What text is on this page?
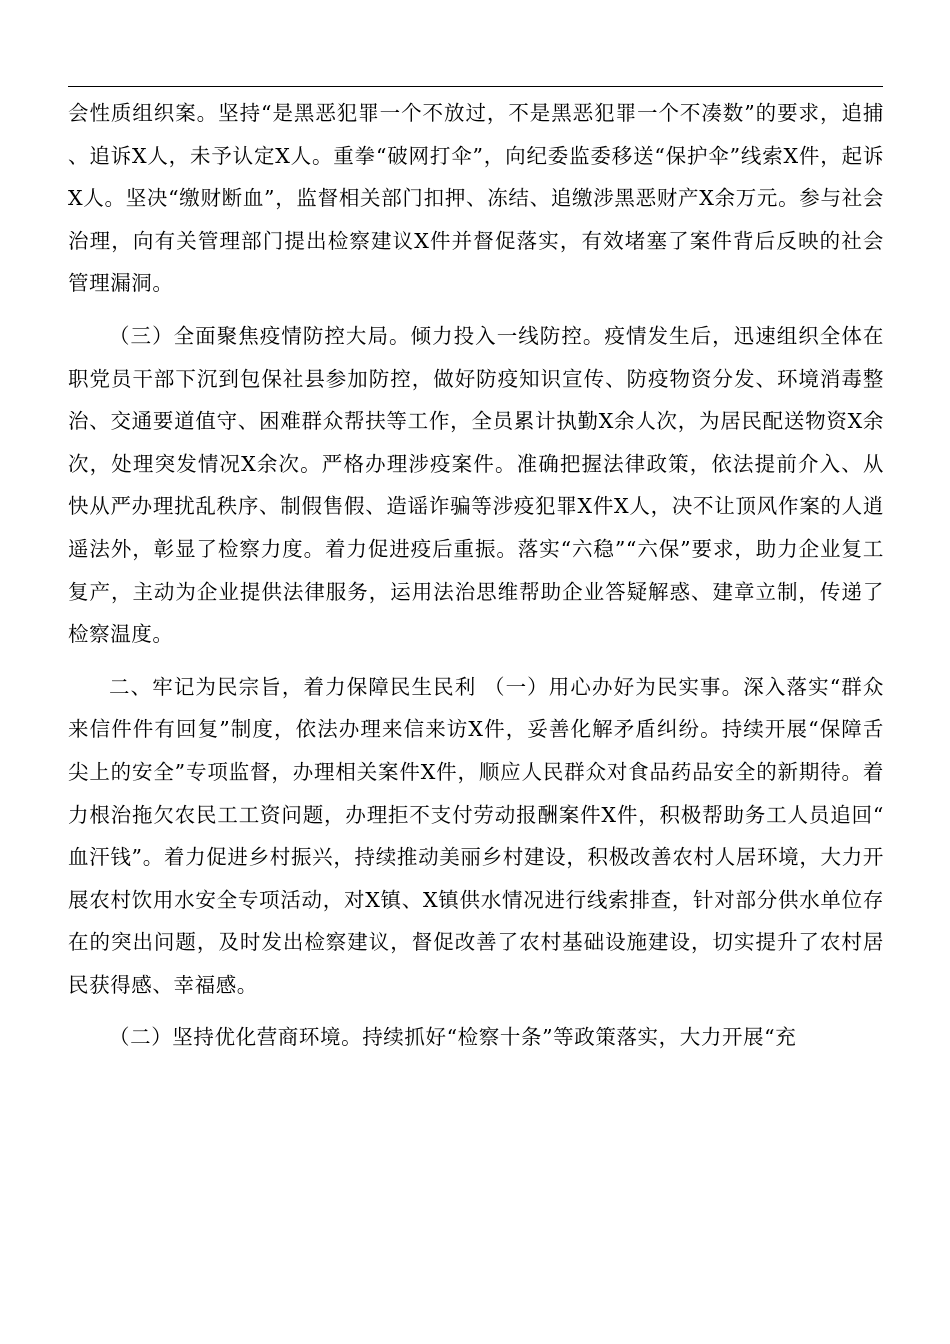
会性质组织案。坚持“是黑恶犯罪一个不放过，不是黑恶犯罪一个不凑数”的要求，追捕、追诉X人，未予认定X人。重拳“破网打伞”，向纪委监委移送“保护伞”线索X件，起诉X人。坚决“缴财断血”，监督相关部门扣押、冻结、追缴涉黑恶财产X余万元。参与社会治理，向有关管理部门提出检察建议X件并督促落实，有效堵塞了案件背后反映的社会管理漏洞。

（三）全面聚焦疫情防控大局。倾力投入一线防控。疫情发生后，迅速组织全体在职党员干部下沉到包保社县参加防控，做好防疫知识宣传、防疫物资分发、环境消毒整治、交通要道值守、困难群众帮扶等工作，全员累计执勤X余人次，为居民配送物资X余次，处理突发情况X余次。严格办理涉疫案件。准确把握法律政策，依法提前介入、从快从严办理扰乱秩序、制假售假、造谣诈骗等涉疫犯罪X件X人，决不让顶风作案的人逍遥法外，彰显了检察力度。着力促进疫后重振。落实“六稳”“六保”要求，助力企业复工复产，主动为企业提供法律服务，运用法治思维帮助企业答疑解惑、建章立制，传递了检察温度。

二、牢记为民宗旨，着力保障民生民利 （一）用心办好为民实事。深入落实“群众来信件件有回复”制度，依法办理来信来访X件，妥善化解矛盾纠纷。持续开展“保障舌尖上的安全”专项监督，办理相关案件X件，顺应人民群众对食品药品安全的新期待。着力根治拖欠农民工工资问题，办理拒不支付劳动报酬案件X件，积极帮助务工人员追回“血汗钱”。着力促进乡村振兴，持续推动美丽乡村建设，积极改善农村人居环境，大力开展农村饮用水安全专项活动，对X镇、X镇供水情况进行线索排查，针对部分供水单位存在的突出问题，及时发出检察建议，督促改善了农村基础设施建设，切实提升了农村居民获得感、幸福感。

（二）坚持优化营商环境。持续抓好“检察十条”等政策落实，大力开展“充
